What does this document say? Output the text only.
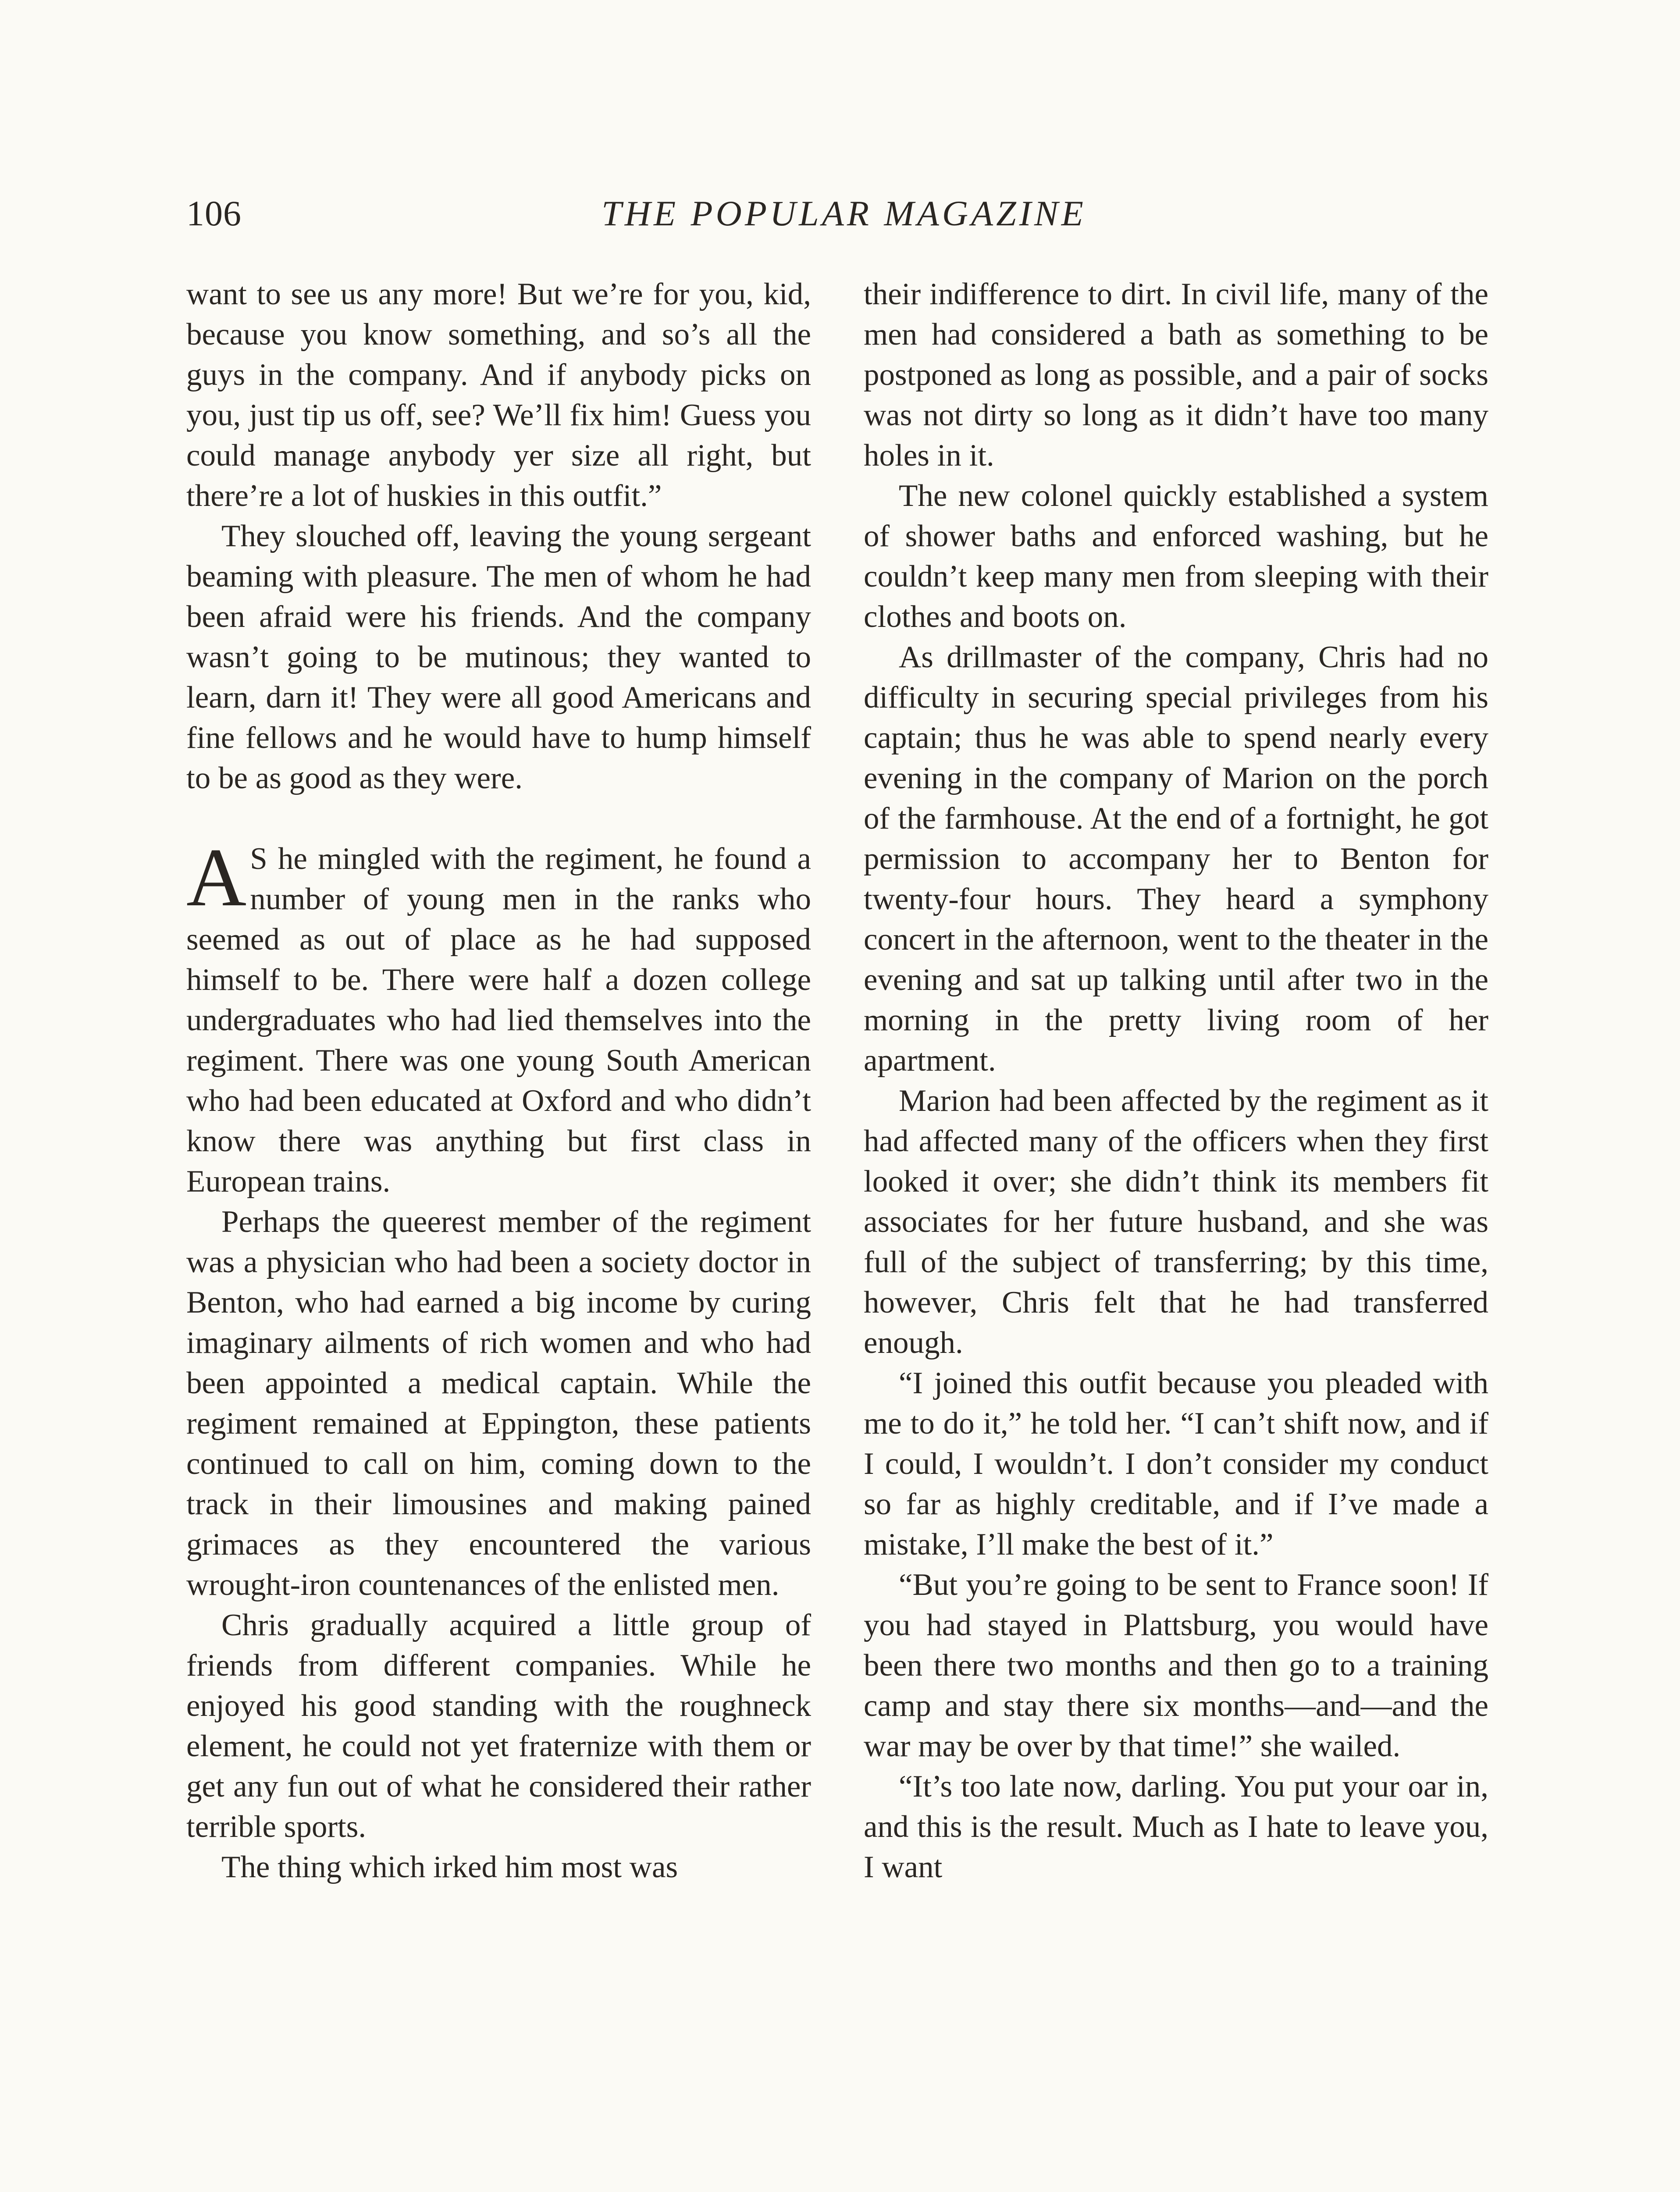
106	THE POPULAR MAGAZINE

want to see us any more! But we’re for you, kid, because you know something, and so’s all the guys in the company. And if anybody picks on you, just tip us off, see? We’ll fix him! Guess you could manage anybody yer size all right, but there’re a lot of huskies in this outfit.”

They slouched off, leaving the young sergeant beaming with pleasure. The men of whom he had been afraid were his friends. And the company wasn’t going to be mutinous; they wanted to learn, darn it! They were all good Americans and fine fellows and he would have to hump himself to be as good as they were.

A S he mingled with the regiment, he found a number of young men in the ranks who seemed as out of place as he had supposed himself to be. There were half a dozen college undergraduates who had lied themselves into the regiment. There was one young South American who had been educated at Oxford and who didn’t know there was anything but first class in European trains.

Perhaps the queerest member of the regiment was a physician who had been a society doctor in Benton, who had earned a big income by curing imaginary ailments of rich women and who had been appointed a medical captain. While the regiment remained at Eppington, these patients continued to call on him, coming down to the track in their limousines and making pained grimaces as they encountered the various wrought-iron countenances of the enlisted men.

Chris gradually acquired a little group of friends from different companies. While he enjoyed his good standing with the roughneck element, he could not yet fraternize with them or get any fun out of what he considered their rather terrible sports.

The thing which irked him most was

their indifference to dirt. In civil life, many of the men had considered a bath as something to be postponed as long as possible, and a pair of socks was not dirty so long as it didn’t have too many holes in it.

The new colonel quickly established a system of shower baths and enforced washing, but he couldn’t keep many men from sleeping with their clothes and boots on.

As drillmaster of the company, Chris had no difficulty in securing special privileges from his captain; thus he was able to spend nearly every evening in the company of Marion on the porch of the farmhouse. At the end of a fortnight, he got permission to accompany her to Benton for twenty-four hours. They heard a symphony concert in the afternoon, went to the theater in the evening and sat up talking until after two in the morning in the pretty living room of her apartment.

Marion had been affected by the regiment as it had affected many of the officers when they first looked it over; she didn’t think its members fit associates for her future husband, and she was full of the subject of transferring; by this time, however, Chris felt that he had transferred enough.

“I joined this outfit because you pleaded with me to do it,” he told her. “I can’t shift now, and if I could, I wouldn’t. I don’t consider my conduct so far as highly creditable, and if I’ve made a mistake, I’ll make the best of it.”

“But you’re going to be sent to France soon! If you had stayed in Plattsburg, you would have been there two months and then go to a training camp and stay there six months—and—and the war may be over by that time!” she wailed.

“It’s too late now, darling. You put your oar in, and this is the result. Much as I hate to leave you, I want
